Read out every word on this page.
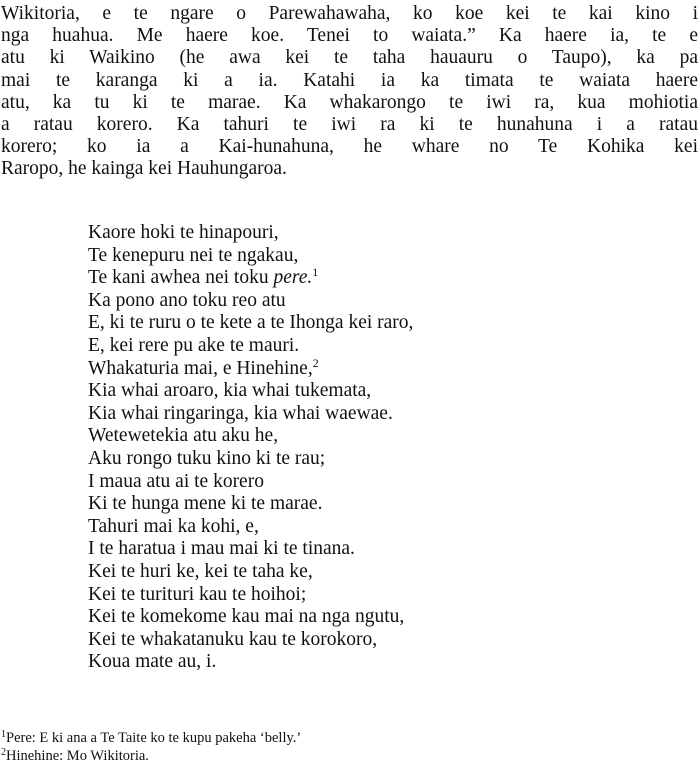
Wikitoria, e te ngare o Parewahawaha, ko koe kei te kai kino i
nga huahua. Me haere koe. Tenei to waiata.” Ka haere ia, te e
atu ki Waikino (he awa kei te taha hauauru o Taupo), ka pa
mai te karanga ki a ia. Katahi ia ka timata te waiata haere
atu, ka tu ki te marae. Ka whakarongo te iwi ra, kua mohiotia
a ratau korero. Ka tahuri te iwi ra ki te hunahuna i a ratau
korero; ko ia a Kai-hunahuna, he whare no Te Kohika kei
Raropo, he kainga kei Hauhungaroa.
Kaore hoki te hinapouri,
Te kenepuru nei te ngakau,
Te kani awhea nei toku pere.$^1$
Ka pono ano toku reo atu
E, ki te ruru o te kete a te Ihonga kei raro,
E, kei rere pu ake te mauri.
Whakaturia mai, e Hinehine,$^2$
Kia whai aroaro, kia whai tukemata,
Kia whai ringaringa, kia whai waewae.
Wetewetekia atu aku he,
Aku rongo tuku kino ki te rau;
I maua atu ai te korero
Ki te hunga mene ki te marae.
Tahuri mai ka kohi, e,
I te haratua i mau mai ki te tinana.
Kei te huri ke, kei te taha ke,
Kei te turituri kau te hoihoi;
Kei te komekome kau mai na nga ngutu,
Kei te whakatanuku kau te korokoro,
Koua mate au, i.
$^1$Pere: E ki ana a Te Taite ko te kupu pakeha ‘belly.’
$^2$Hinehine: Mo Wikitoria.
